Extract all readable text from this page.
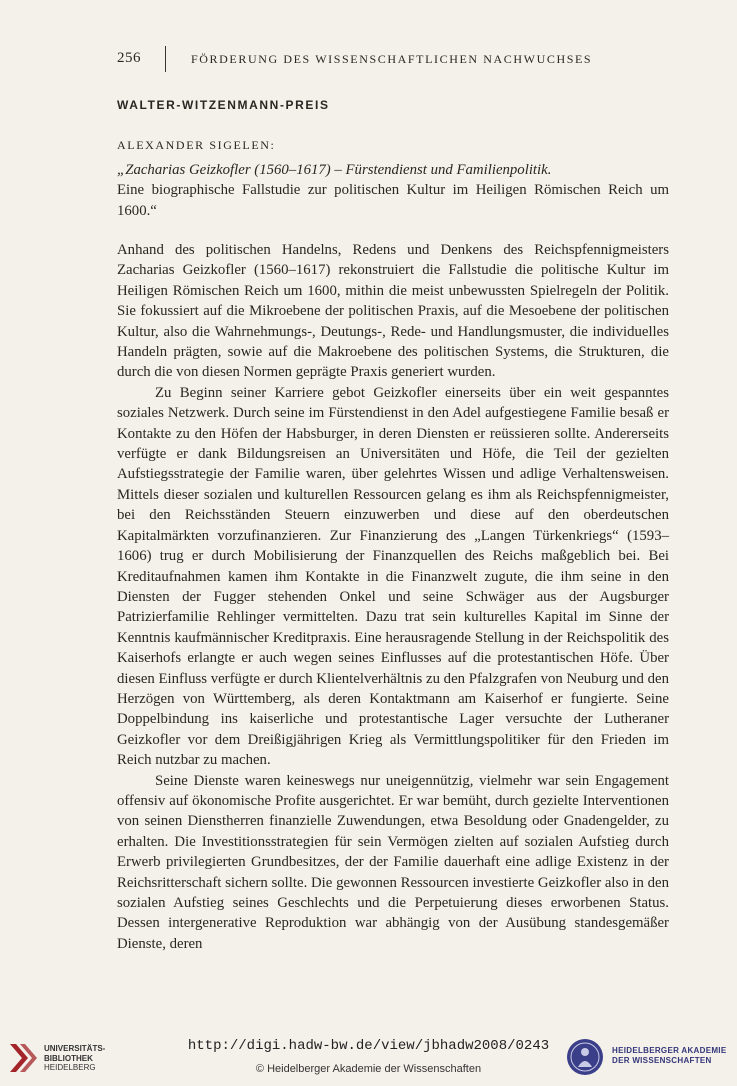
256	FÖRDERUNG DES WISSENSCHAFTLICHEN NACHWUCHSES
WALTER-WITZENMANN-PREIS
ALEXANDER SIGELEN:
„Zacharias Geizkofler (1560–1617) – Fürstendienst und Familienpolitik.
Eine biographische Fallstudie zur politischen Kultur im Heiligen Römischen Reich um 1600.“

Anhand des politischen Handelns, Redens und Denkens des Reichspfennigmeisters Zacharias Geizkofler (1560–1617) rekonstruiert die Fallstudie die politische Kultur im Heiligen Römischen Reich um 1600, mithin die meist unbewussten Spielregeln der Politik. Sie fokussiert auf die Mikroebene der politischen Praxis, auf die Mesoebene der politischen Kultur, also die Wahrnehmungs-, Deutungs-, Rede- und Handlungsmuster, die individuelles Handeln prägten, sowie auf die Makroebene des politischen Systems, die Strukturen, die durch die von diesen Normen geprägte Praxis generiert wurden.

Zu Beginn seiner Karriere gebot Geizkofler einerseits über ein weit gespanntes soziales Netzwerk. Durch seine im Fürstendienst in den Adel aufgestiegene Familie besaß er Kontakte zu den Höfen der Habsburger, in deren Diensten er reüssieren sollte. Andererseits verfügte er dank Bildungsreisen an Universitäten und Höfe, die Teil der gezielten Aufstiegsstrategie der Familie waren, über gelehrtes Wissen und adlige Verhaltensweisen. Mittels dieser sozialen und kulturellen Ressourcen gelang es ihm als Reichspfennigmeister, bei den Reichsständen Steuern einzuwerben und diese auf den oberdeutschen Kapitalmärkten vorzufinanzieren. Zur Finanzierung des „Langen Türkenkriegs“ (1593–1606) trug er durch Mobilisierung der Finanzquellen des Reichs maßgeblich bei. Bei Kreditaufnahmen kamen ihm Kontakte in die Finanzwelt zugute, die ihm seine in den Diensten der Fugger stehenden Onkel und seine Schwäger aus der Augsburger Patrizierfamilie Rehlinger vermittelten. Dazu trat sein kulturelles Kapital im Sinne der Kenntnis kaufmännischer Kreditpraxis. Eine herausragende Stellung in der Reichspolitik des Kaiserhofs erlangte er auch wegen seines Einflusses auf die protestantischen Höfe. Über diesen Einfluss verfügte er durch Klientelverhältnis zu den Pfalzgrafen von Neuburg und den Herzögen von Württemberg, als deren Kontaktmann am Kaiserhof er fungierte. Seine Doppelbindung ins kaiserliche und protestantische Lager versuchte der Lutheraner Geizkofler vor dem Dreißigjährigen Krieg als Vermittlungspolitiker für den Frieden im Reich nutzbar zu machen.

Seine Dienste waren keineswegs nur uneigennützig, vielmehr war sein Engagement offensiv auf ökonomische Profite ausgerichtet. Er war bemüht, durch gezielte Interventionen von seinen Dienstherren finanzielle Zuwendungen, etwa Besoldung oder Gnadengelder, zu erhalten. Die Investitionsstrategien für sein Vermögen zielten auf sozialen Aufstieg durch Erwerb privilegierten Grundbesitzes, der der Familie dauerhaft eine adlige Existenz in der Reichsritterschaft sichern sollte. Die gewonnen Ressourcen investierte Geizkofler also in den sozialen Aufstieg seines Geschlechts und die Perpetuierung dieses erworbenen Status. Dessen intergenerative Reproduktion war abhängig von der Ausübung standesgemäßer Dienste, deren

UNIVERSITÄTS-
BIBLIOTHEK
HEIDELBERG
http://digi.hadw-bw.de/view/jbhadw2008/0243
© Heidelberger Akademie der Wissenschaften
HEIDELBERGER AKADEMIE
DER WISSENSCHAFTEN
